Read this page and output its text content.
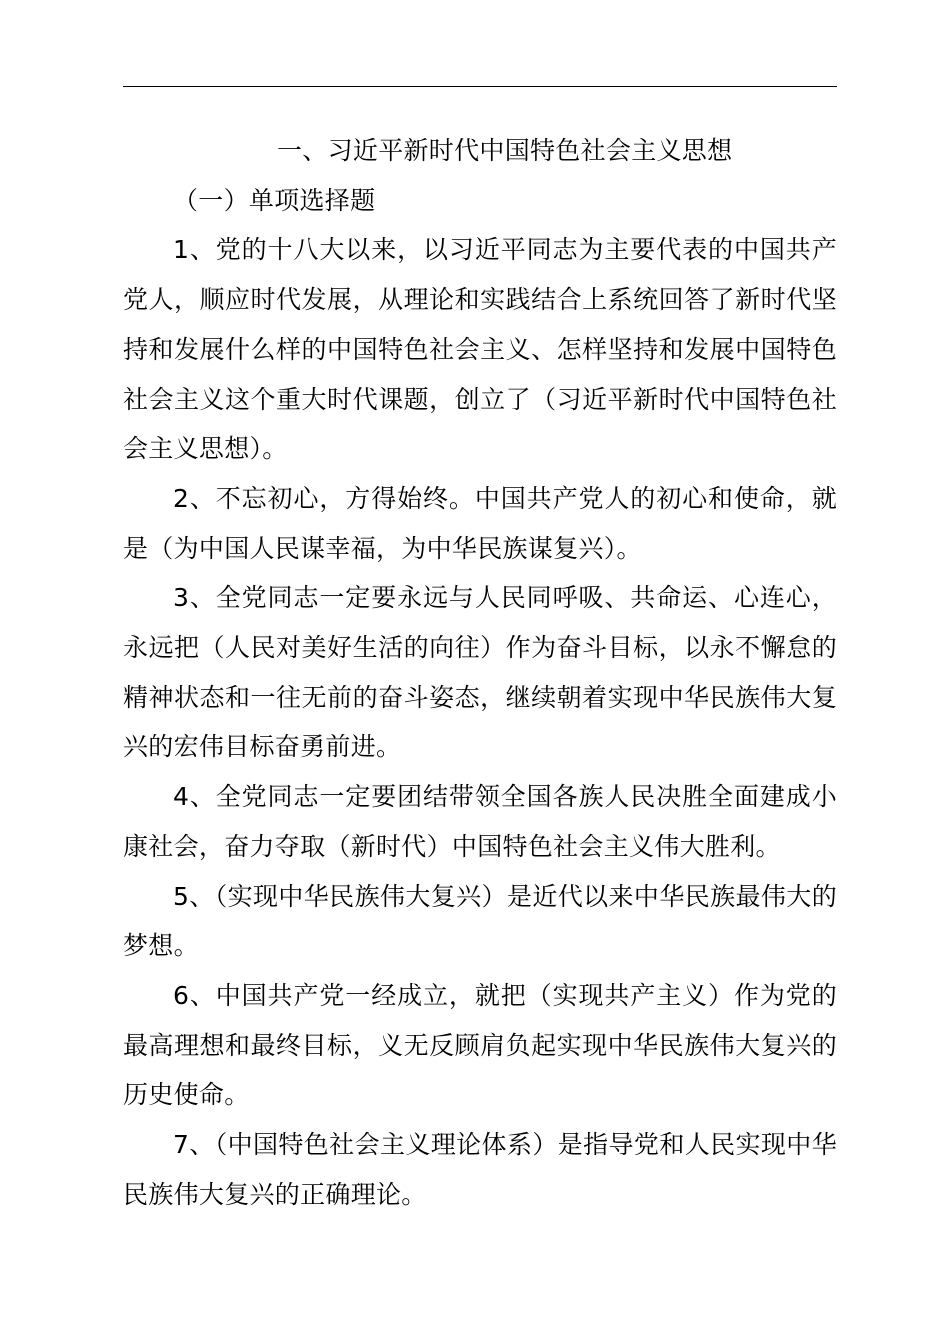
一、习近平新时代中国特色社会主义思想

（一）单项选择题

1、党的十八大以来，以习近平同志为主要代表的中国共产党人，顺应时代发展，从理论和实践结合上系统回答了新时代坚持和发展什么样的中国特色社会主义、怎样坚持和发展中国特色社会主义这个重大时代课题，创立了（习近平新时代中国特色社会主义思想）。

2、不忘初心，方得始终。中国共产党人的初心和使命，就是（为中国人民谋幸福，为中华民族谋复兴）。

3、全党同志一定要永远与人民同呼吸、共命运、心连心，永远把（人民对美好生活的向往）作为奋斗目标，以永不懈怠的精神状态和一往无前的奋斗姿态，继续朝着实现中华民族伟大复兴的宏伟目标奋勇前进。

4、全党同志一定要团结带领全国各族人民决胜全面建成小康社会，奋力夺取（新时代）中国特色社会主义伟大胜利。

5、（实现中华民族伟大复兴）是近代以来中华民族最伟大的梦想。

6、中国共产党一经成立，就把（实现共产主义）作为党的最高理想和最终目标，义无反顾肩负起实现中华民族伟大复兴的历史使命。

7、（中国特色社会主义理论体系）是指导党和人民实现中华民族伟大复兴的正确理论。
